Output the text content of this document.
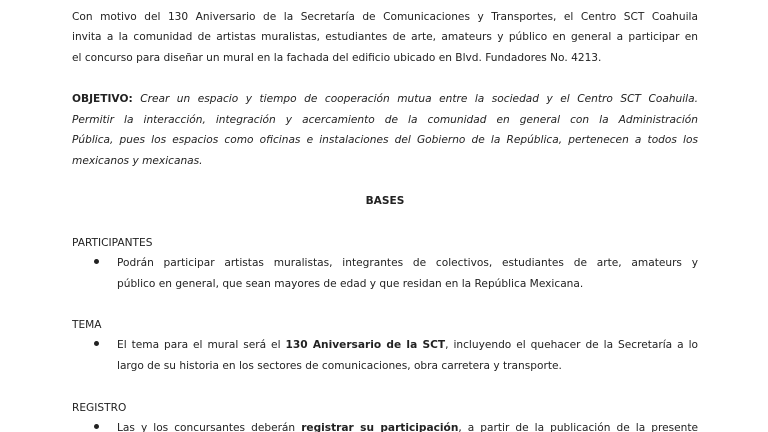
Con motivo del 130 Aniversario de la Secretaría de Comunicaciones y Transportes, el Centro SCT Coahuila
invita a la comunidad de artistas muralistas, estudiantes de arte, amateurs y público en general a participar en
el concurso para diseñar un mural en la fachada del edificio ubicado en Blvd. Fundadores No. 4213.
OBJETIVO: Crear un espacio y tiempo de cooperación mutua entre la sociedad y el Centro SCT Coahuila.
Permitir la interacción, integración y acercamiento de la comunidad en general con la Administración
Pública, pues los espacios como oficinas e instalaciones del Gobierno de la República, pertenecen a todos los
mexicanos y mexicanas.
BASES
PARTICIPANTES
Podrán participar artistas muralistas, integrantes de colectivos, estudiantes de arte, amateurs y
público en general, que sean mayores de edad y que residan en la República Mexicana.
TEMA
El tema para el mural será el 130 Aniversario de la SCT, incluyendo el quehacer de la Secretaría a lo
largo de su historia en los sectores de comunicaciones, obra carretera y transporte.
REGISTRO
Las y los concursantes deberán registrar su participación, a partir de la publicación de la presente
